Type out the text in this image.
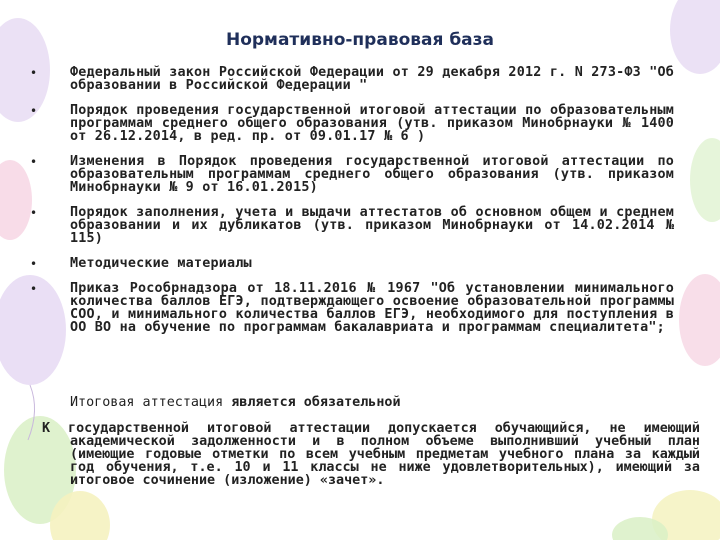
Нормативно-правовая база
• Федеральный закон Российской Федерации от 29 декабря 2012 г. N 273-ФЗ "Об образовании в Российской Федерации "
• Порядок проведения государственной итоговой аттестации по образовательным программам среднего общего образования (утв. приказом Минобрнауки № 1400 от 26.12.2014, в ред. пр. от 09.01.17 № 6 )
• Изменения в Порядок проведения государственной итоговой аттестации по образовательным программам среднего общего образования (утв. приказом Минобрнауки № 9 от 16.01.2015)
• Порядок заполнения, учета и выдачи аттестатов об основном общем и среднем образовании и их дубликатов (утв. приказом Минобрнауки от 14.02.2014 № 115)
• Методические материалы
• Приказ Рособрнадзора от 18.11.2016 № 1967 "Об установлении минимального количества баллов ЕГЭ, подтверждающего освоение образовательной программы СОО, и минимального количества баллов ЕГЭ, необходимого для поступления в ОО ВО на обучение по программам бакалавриата и программам специалитета";
Итоговая аттестация является обязательной
К государственной итоговой аттестации допускается обучающийся, не имеющий академической задолженности и в полном объеме выполнивший учебный план (имеющие годовые отметки по всем учебным предметам учебного плана за каждый год обучения, т.е. 10 и 11 классы не ниже удовлетворительных), имеющий за итоговое сочинение (изложение) «зачет».
